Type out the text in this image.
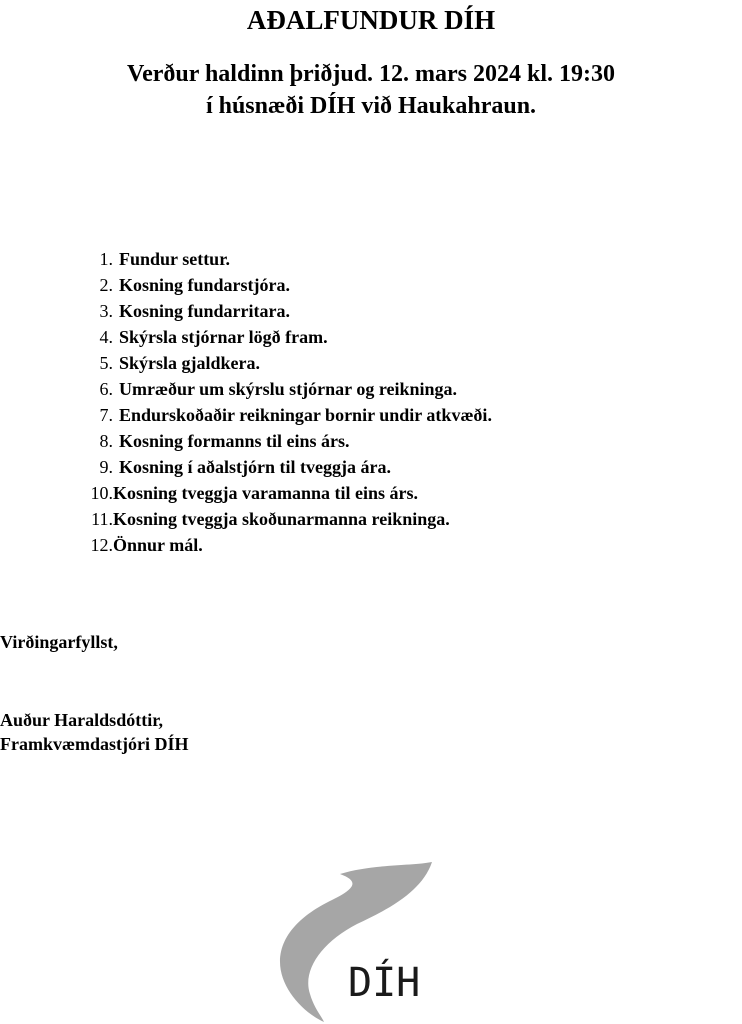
AÐALFUNDUR DÍH
Verður haldinn þriðjud. 12. mars 2024 kl. 19:30
í húsnæði DÍH við Haukahraun.
1. Fundur settur.
2. Kosning fundarstjóra.
3. Kosning fundarritara.
4. Skýrsla stjórnar lögð fram.
5. Skýrsla gjaldkera.
6. Umræður um skýrslu stjórnar og reikninga.
7. Endurskoðaðir reikningar bornir undir atkvæði.
8. Kosning formanns til eins árs.
9. Kosning í aðalstjórn til tveggja ára.
10. Kosning tveggja varamanna til eins árs.
11. Kosning tveggja skoðunarmanna reikninga.
12. Önnur mál.

Virðingarfyllst,

Auður Haraldsdóttir,
Framkvæmdastjóri DÍH
DÍH
